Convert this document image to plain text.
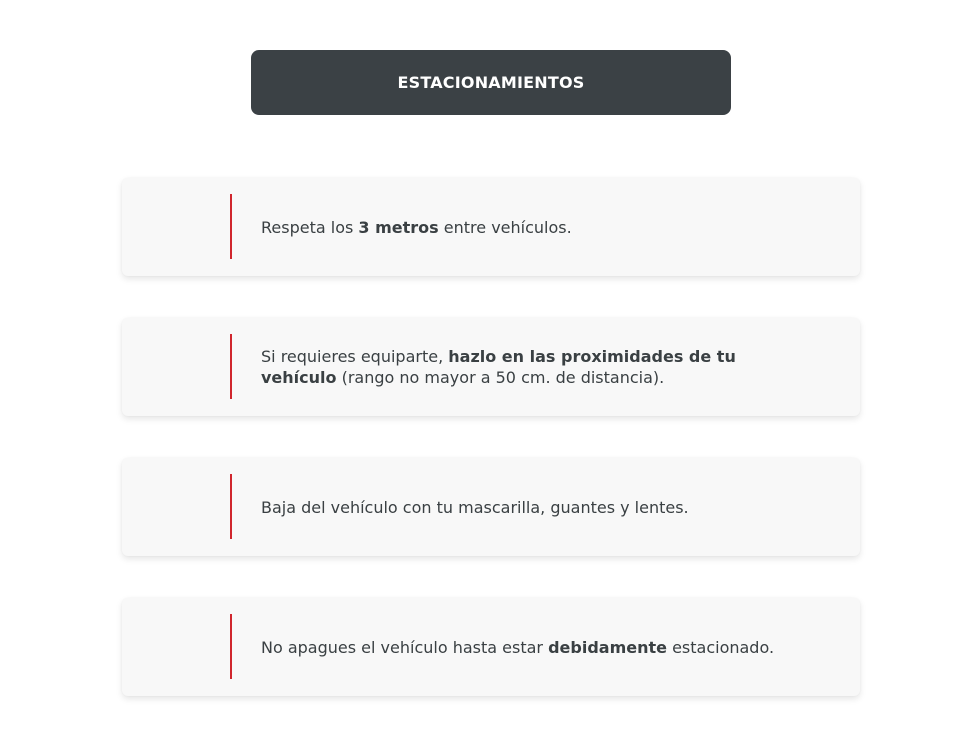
ESTACIONAMIENTOS

Respeta los 3 metros entre vehículos.

Si requieres equiparte, hazlo en las proximidades de tu vehículo (rango no mayor a 50 cm. de distancia).

Baja del vehículo con tu mascarilla, guantes y lentes.

No apagues el vehículo hasta estar debidamente estacionado.
